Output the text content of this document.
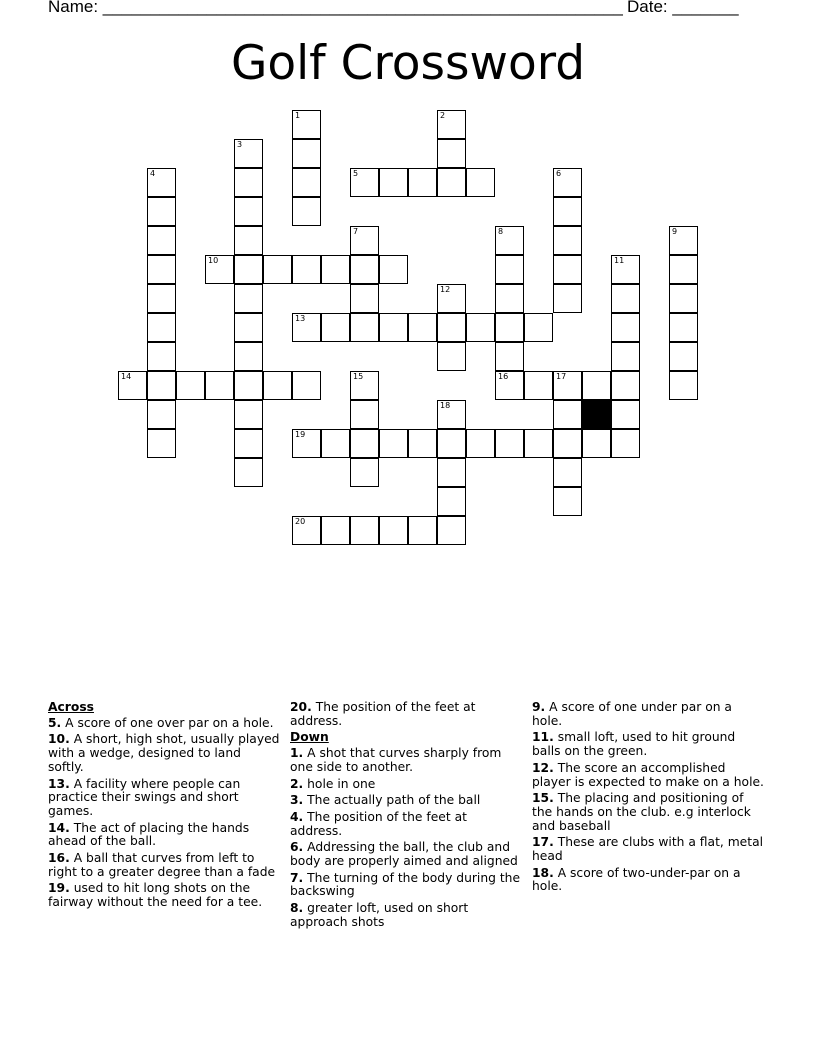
Name: _______________________________________________________ Date: _______
Golf Crossword
1	2
3
4	5	6
7	8	9
10	11
12
13
14	15	16	17
18
19
20
Across
5. A score of one over par on a hole.
10. A short, high shot, usually played with a wedge, designed to land softly.
13. A facility where people can practice their swings and short games.
14. The act of placing the hands ahead of the ball.
16. A ball that curves from left to right to a greater degree than a fade
19. used to hit long shots on the fairway without the need for a tee.
20. The position of the feet at address.
Down
1. A shot that curves sharply from one side to another.
2. hole in one
3. The actually path of the ball
4. The position of the feet at address.
6. Addressing the ball, the club and body are properly aimed and aligned
7. The turning of the body during the backswing
8. greater loft, used on short approach shots
9. A score of one under par on a hole.
11. small loft, used to hit ground balls on the green.
12. The score an accomplished player is expected to make on a hole.
15. The placing and positioning of the hands on the club. e.g interlock and baseball
17. These are clubs with a flat, metal head
18. A score of two-under-par on a hole.
